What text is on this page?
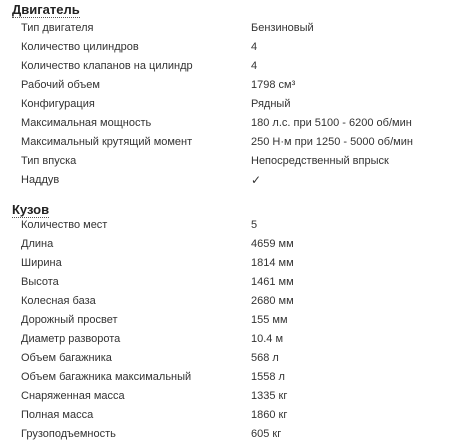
Двигатель
Тип двигателя	Бензиновый
Количество цилиндров	4
Количество клапанов на цилиндр	4
Рабочий объем	1798 см³
Конфигурация	Рядный
Максимальная мощность	180 л.с. при 5100 - 6200 об/мин
Максимальный крутящий момент	250 Н·м при 1250 - 5000 об/мин
Тип впуска	Непосредственный впрыск
Наддув	✓
Кузов
Количество мест	5
Длина	4659 мм
Ширина	1814 мм
Высота	1461 мм
Колесная база	2680 мм
Дорожный просвет	155 мм
Диаметр разворота	10.4 м
Объем багажника	568 л
Объем багажника максимальный	1558 л
Снаряженная масса	1335 кг
Полная масса	1860 кг
Грузоподъемность	605 кг
